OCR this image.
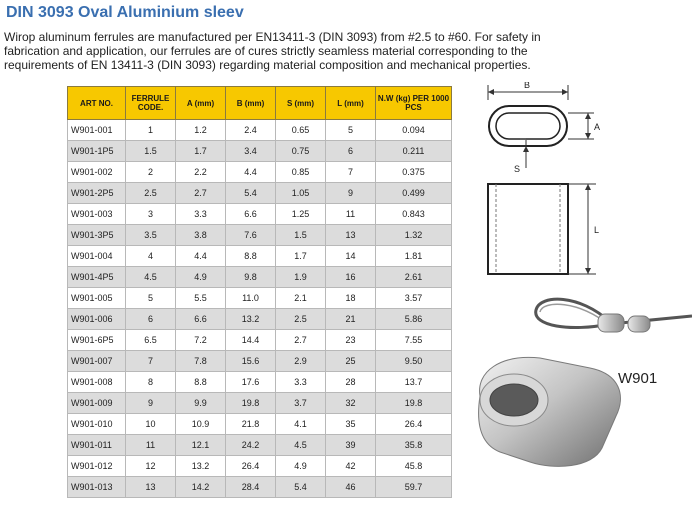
DIN 3093 Oval Aluminium sleev
Wirop aluminum ferrules are manufactured per EN13411-3 (DIN 3093) from #2.5 to #60. For safety in fabrication and application, our ferrules are of cures strictly seamless material corresponding to the requirements of EN 13411-3 (DIN 3093) regarding material composition and mechanical properties.
ART NO.	FERRULE CODE.	A (mm)	B (mm)	S (mm)	L (mm)	N.W (kg) PER 1000 PCS
W901-001	1	1.2	2.4	0.65	5	0.094
W901-1P5	1.5	1.7	3.4	0.75	6	0.211
W901-002	2	2.2	4.4	0.85	7	0.375
W901-2P5	2.5	2.7	5.4	1.05	9	0.499
W901-003	3	3.3	6.6	1.25	11	0.843
W901-3P5	3.5	3.8	7.6	1.5	13	1.32
W901-004	4	4.4	8.8	1.7	14	1.81
W901-4P5	4.5	4.9	9.8	1.9	16	2.61
W901-005	5	5.5	11.0	2.1	18	3.57
W901-006	6	6.6	13.2	2.5	21	5.86
W901-6P5	6.5	7.2	14.4	2.7	23	7.55
W901-007	7	7.8	15.6	2.9	25	9.50
W901-008	8	8.8	17.6	3.3	28	13.7
W901-009	9	9.9	19.8	3.7	32	19.8
W901-010	10	10.9	21.8	4.1	35	26.4
W901-011	11	12.1	24.2	4.5	39	35.8
W901-012	12	13.2	26.4	4.9	42	45.8
W901-013	13	14.2	28.4	5.4	46	59.7
B
A
S
L
W901
